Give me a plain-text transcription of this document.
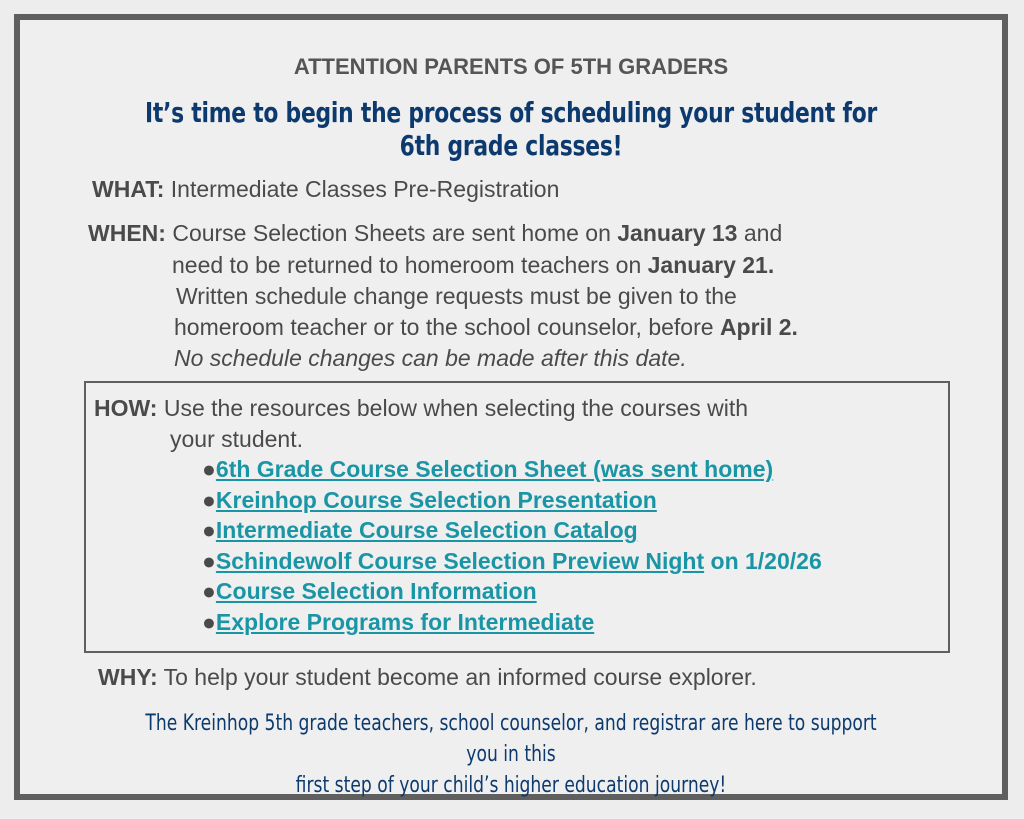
ATTENTION PARENTS OF 5TH GRADERS
It’s time to begin the process of scheduling your student for 6th grade classes!
WHAT: Intermediate Classes Pre-Registration
WHEN: Course Selection Sheets are sent home on January 13 and
need to be returned to homeroom teachers on January 21.
Written schedule change requests must be given to the
homeroom teacher or to the school counselor, before April 2.
No schedule changes can be made after this date.
HOW: Use the resources below when selecting the courses with
your student.
●6th Grade Course Selection Sheet (was sent home)
●Kreinhop Course Selection Presentation
●Intermediate Course Selection Catalog
●Schindewolf Course Selection Preview Night on 1/20/26
●Course Selection Information
●Explore Programs for Intermediate
WHY: To help your student become an informed course explorer.
The Kreinhop 5th grade teachers, school counselor, and registrar are here to support you in this
first step of your child’s higher education journey!
